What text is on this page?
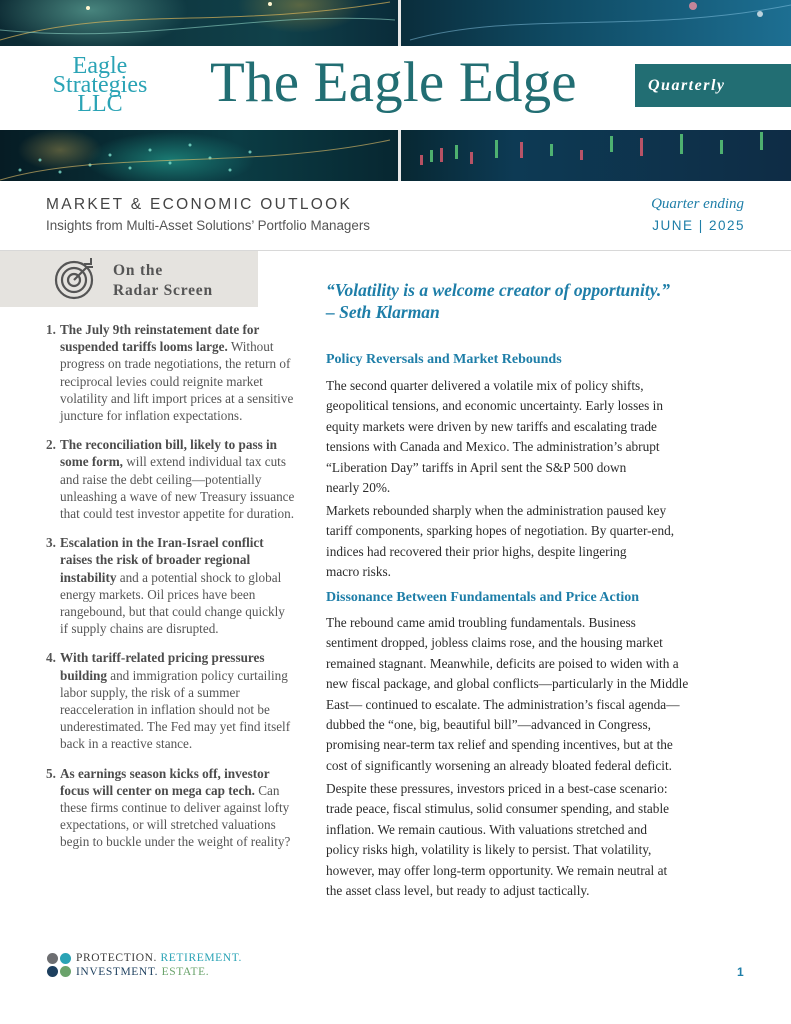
Eagle
Strategies
LLC	The Eagle Edge	Quarterly
MARKET & ECONOMIC OUTLOOK
Insights from Multi-Asset Solutions’ Portfolio Managers
Quarter ending
JUNE | 2025
On the
Radar Screen
1. The July 9th reinstatement date for suspended tariffs looms large. Without progress on trade negotiations, the return of reciprocal levies could reignite market volatility and lift import prices at a sensitive juncture for inflation expectations.
2. The reconciliation bill, likely to pass in some form, will extend individual tax cuts and raise the debt ceiling—potentially unleashing a wave of new Treasury issuance that could test investor appetite for duration.
3. Escalation in the Iran-Israel conflict raises the risk of broader regional instability and a potential shock to global energy markets. Oil prices have been rangebound, but that could change quickly if supply chains are disrupted.
4. With tariff-related pricing pressures building and immigration policy curtailing labor supply, the risk of a summer reacceleration in inflation should not be underestimated. The Fed may yet find itself back in a reactive stance.
5. As earnings season kicks off, investor focus will center on mega cap tech. Can these firms continue to deliver against lofty expectations, or will stretched valuations begin to buckle under the weight of reality?
“Volatility is a welcome creator of opportunity.”
– Seth Klarman
Policy Reversals and Market Rebounds
The second quarter delivered a volatile mix of policy shifts,
geopolitical tensions, and economic uncertainty. Early losses in
equity markets were driven by new tariffs and escalating trade
tensions with Canada and Mexico. The administration’s abrupt
“Liberation Day” tariffs in April sent the S&P 500 down
nearly 20%.
Markets rebounded sharply when the administration paused key
tariff components, sparking hopes of negotiation. By quarter-end,
indices had recovered their prior highs, despite lingering
macro risks.
Dissonance Between Fundamentals and Price Action
The rebound came amid troubling fundamentals. Business
sentiment dropped, jobless claims rose, and the housing market
remained stagnant. Meanwhile, deficits are poised to widen with a
new fiscal package, and global conflicts—particularly in the Middle
East— continued to escalate. The administration’s fiscal agenda—
dubbed the “one, big, beautiful bill”—advanced in Congress,
promising near-term tax relief and spending incentives, but at the
cost of significantly worsening an already bloated federal deficit.
Despite these pressures, investors priced in a best-case scenario:
trade peace, fiscal stimulus, solid consumer spending, and stable
inflation. We remain cautious. With valuations stretched and
policy risks high, volatility is likely to persist. That volatility,
however, may offer long-term opportunity. We remain neutral at
the asset class level, but ready to adjust tactically.
PROTECTION. RETIREMENT.
INVESTMENT. ESTATE.	1
